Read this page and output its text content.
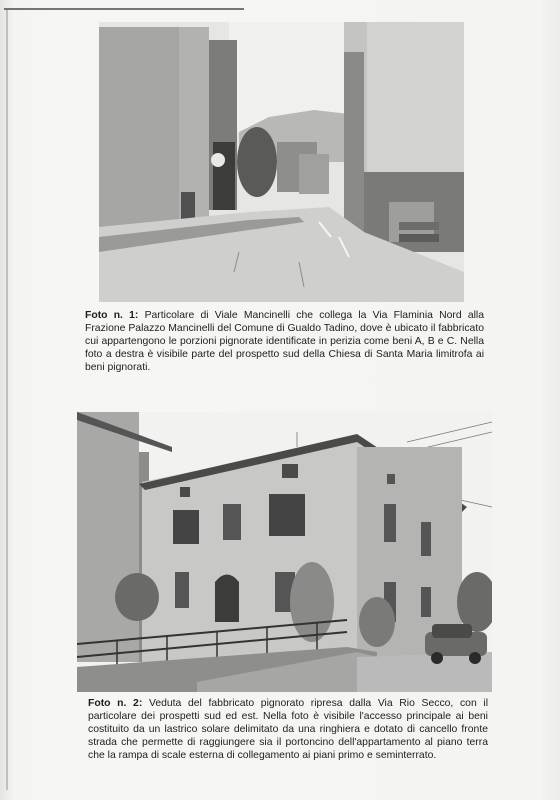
Foto n. 1: Particolare di Viale Mancinelli che collega la Via Flaminia Nord alla Frazione Palazzo Mancinelli del Comune di Gualdo Tadino, dove è ubicato il fabbricato cui appartengono le porzioni pignorate identificate in perizia come beni A, B e C. Nella foto a destra è visibile parte del prospetto sud della Chiesa di Santa Maria limitrofa ai beni pignorati.
Foto n. 2: Veduta del fabbricato pignorato ripresa dalla Via Rio Secco, con il particolare dei prospetti sud ed est. Nella foto è visibile l'accesso principale ai beni costituito da un lastrico solare delimitato da una ringhiera e dotato di cancello fronte strada che permette di raggiungere sia il portoncino dell'appartamento al piano terra che la rampa di scale esterna di collegamento ai piani primo e seminterrato.
